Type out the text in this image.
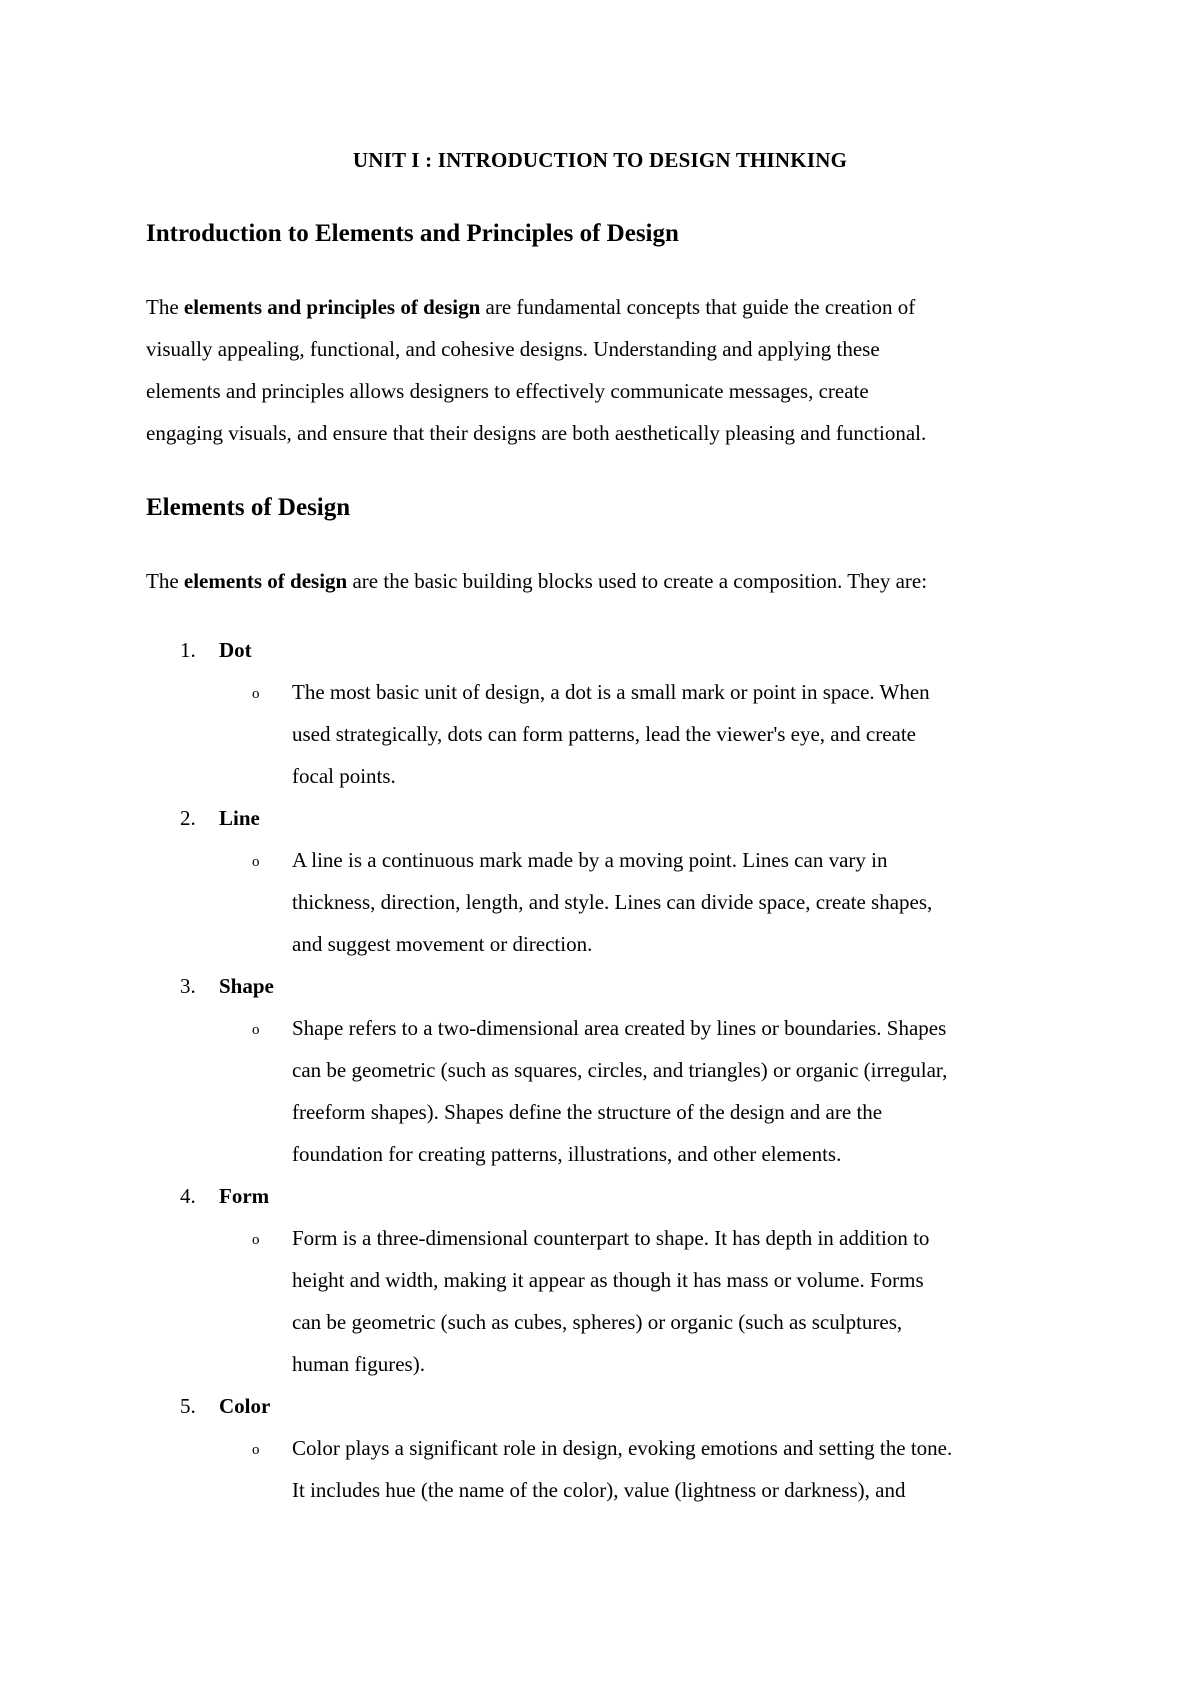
UNIT I : INTRODUCTION TO DESIGN THINKING
Introduction to Elements and Principles of Design
The elements and principles of design are fundamental concepts that guide the creation of
visually appealing, functional, and cohesive designs. Understanding and applying these
elements and principles allows designers to effectively communicate messages, create
engaging visuals, and ensure that their designs are both aesthetically pleasing and functional.
Elements of Design
The elements of design are the basic building blocks used to create a composition. They are:
1. Dot
o The most basic unit of design, a dot is a small mark or point in space. When
used strategically, dots can form patterns, lead the viewer's eye, and create
focal points.
2. Line
o A line is a continuous mark made by a moving point. Lines can vary in
thickness, direction, length, and style. Lines can divide space, create shapes,
and suggest movement or direction.
3. Shape
o Shape refers to a two-dimensional area created by lines or boundaries. Shapes
can be geometric (such as squares, circles, and triangles) or organic (irregular,
freeform shapes). Shapes define the structure of the design and are the
foundation for creating patterns, illustrations, and other elements.
4. Form
o Form is a three-dimensional counterpart to shape. It has depth in addition to
height and width, making it appear as though it has mass or volume. Forms
can be geometric (such as cubes, spheres) or organic (such as sculptures,
human figures).
5. Color
o Color plays a significant role in design, evoking emotions and setting the tone.
It includes hue (the name of the color), value (lightness or darkness), and
